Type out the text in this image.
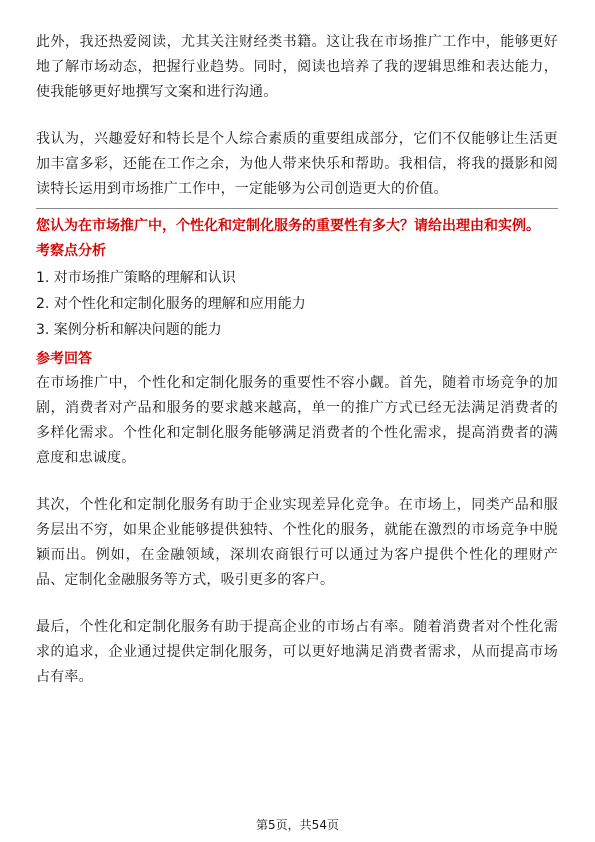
此外，我还热爱阅读，尤其关注财经类书籍。这让我在市场推广工作中，能够更好地了解市场动态，把握行业趋势。同时，阅读也培养了我的逻辑思维和表达能力，使我能够更好地撰写文案和进行沟通。

我认为，兴趣爱好和特长是个人综合素质的重要组成部分，它们不仅能够让生活更加丰富多彩，还能在工作之余，为他人带来快乐和帮助。我相信，将我的摄影和阅读特长运用到市场推广工作中，一定能够为公司创造更大的价值。

您认为在市场推广中，个性化和定制化服务的重要性有多大？请给出理由和实例。

考察点分析

1. 对市场推广策略的理解和认识
2. 对个性化和定制化服务的理解和应用能力
3. 案例分析和解决问题的能力

参考回答

在市场推广中，个性化和定制化服务的重要性不容小觑。首先，随着市场竞争的加剧，消费者对产品和服务的要求越来越高，单一的推广方式已经无法满足消费者的多样化需求。个性化和定制化服务能够满足消费者的个性化需求，提高消费者的满意度和忠诚度。

其次，个性化和定制化服务有助于企业实现差异化竞争。在市场上，同类产品和服务层出不穷，如果企业能够提供独特、个性化的服务，就能在激烈的市场竞争中脱颖而出。例如，在金融领域，深圳农商银行可以通过为客户提供个性化的理财产品、定制化金融服务等方式，吸引更多的客户。

最后，个性化和定制化服务有助于提高企业的市场占有率。随着消费者对个性化需求的追求，企业通过提供定制化服务，可以更好地满足消费者需求，从而提高市场占有率。

第5页，共54页
